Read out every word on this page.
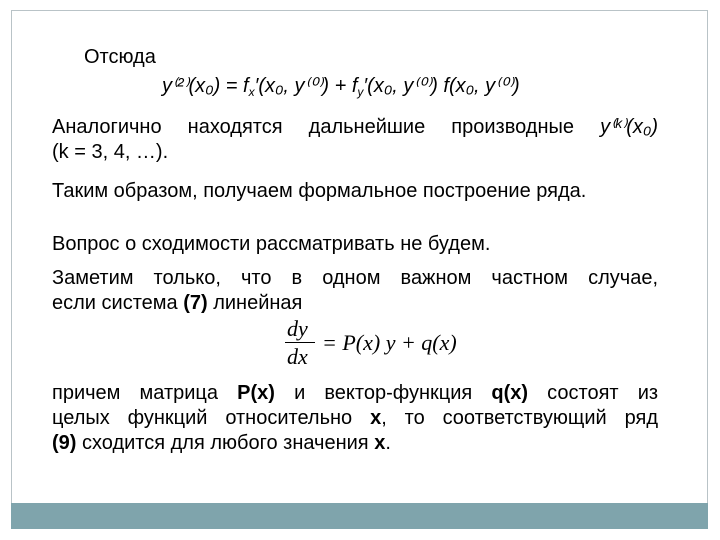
Отсюда
$y^{(2)}(x_0) = f_x'(x_0$, $y^{(0)}) + f_y'(x_0$, y⁽⁰⁾) f(x₀, y⁽⁰⁾)
Аналогично находятся дальнейшие производные y⁽ᵏ⁾(x₀)
(k = 3, 4, …).
Таким образом, получаем формальное построение ряда.
Вопрос о сходимости рассматривать не будем.
Заметим только, что в одном важном частном случае,
если система (7) линейная
dy
dx
= P(x) y + q(x)
причем матрица P(x) и вектор-функция q(x) состоят из
целых функций относительно x, то соответствующий ряд
(9) сходится для любого значения x.
